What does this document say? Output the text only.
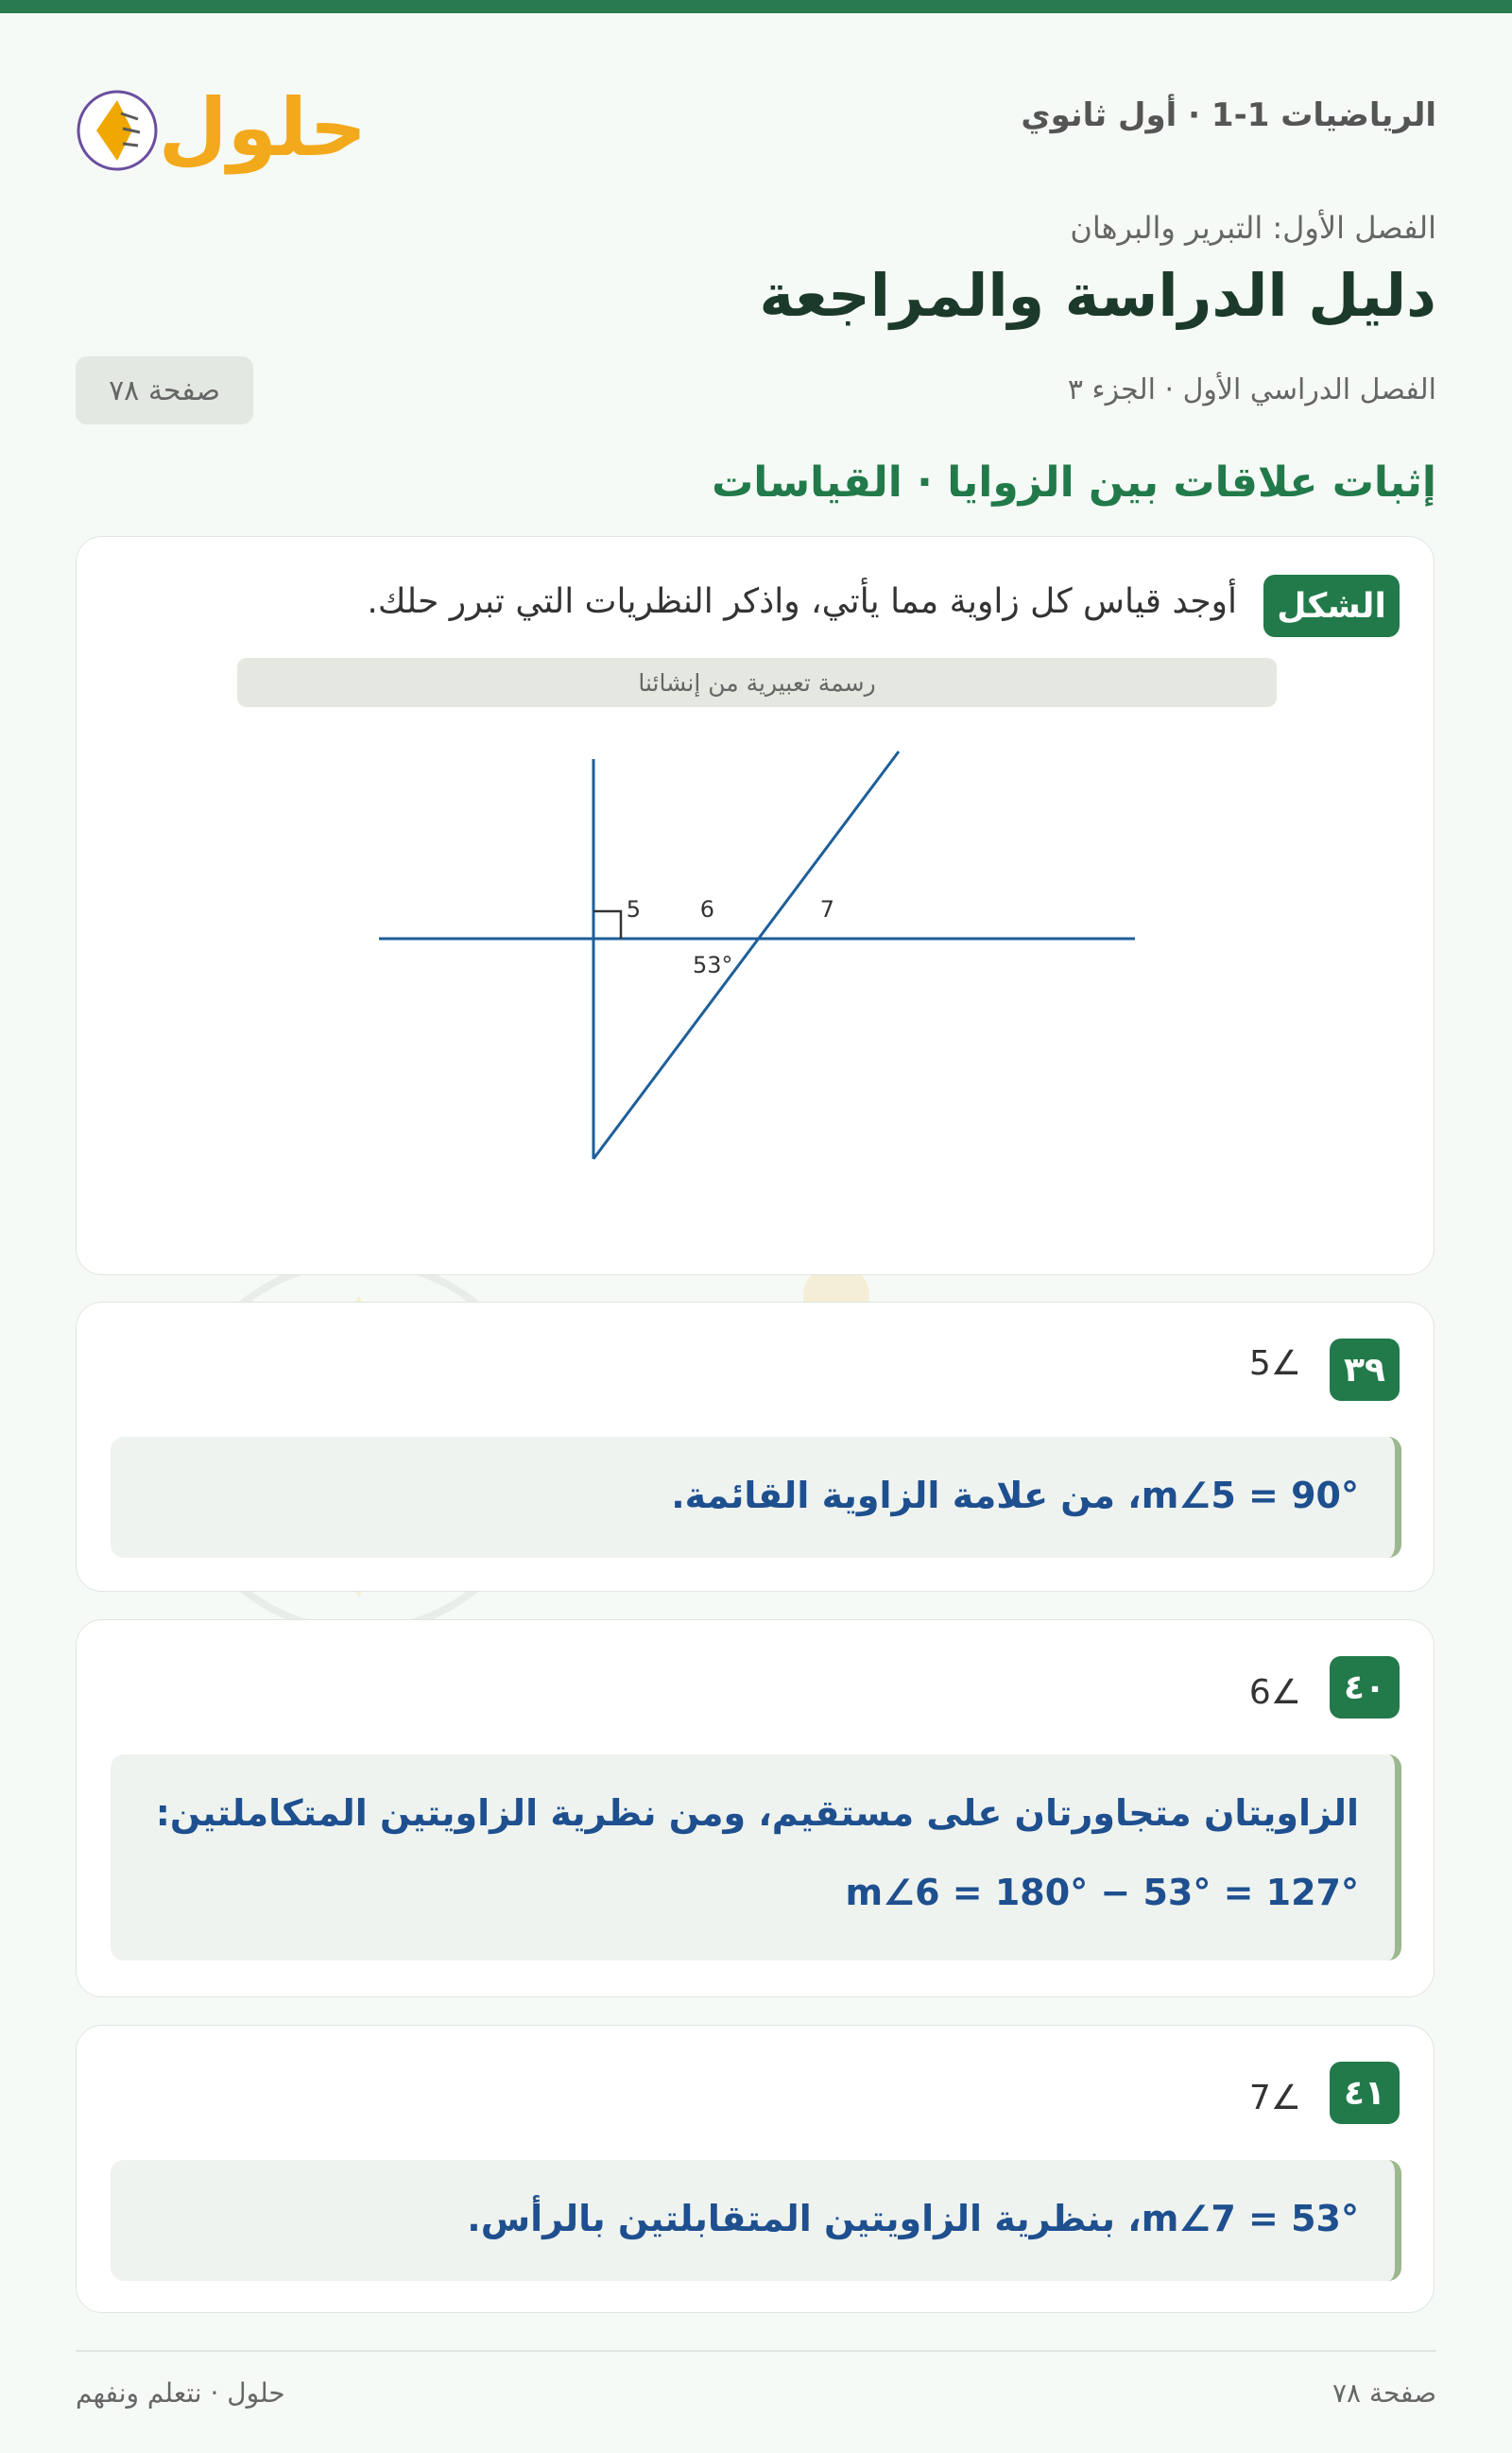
حلول	الرياضيات 1-1 · أول ثانوي
الفصل الأول: التبرير والبرهان
دليل الدراسة والمراجعة
الفصل الدراسي الأول · الجزء ٣
صفحة ٧٨
إثبات علاقات بين الزوايا · القياسات
الشكل
أوجد قياس كل زاوية مما يأتي، واذكر النظريات التي تبرر حلك.
رسمة تعبيرية من إنشائنا
5	6	7
53°
٣٩
∠5
m∠5 = 90°، من علامة الزاوية القائمة.
٤٠
∠6
الزاويتان متجاورتان على مستقيم، ومن نظرية الزاويتين المتكاملتين:
m∠6 = 180° − 53° = 127°
٤١
∠7
m∠7 = 53°، بنظرية الزاويتين المتقابلتين بالرأس.
حلول · نتعلم ونفهم	صفحة ٧٨
